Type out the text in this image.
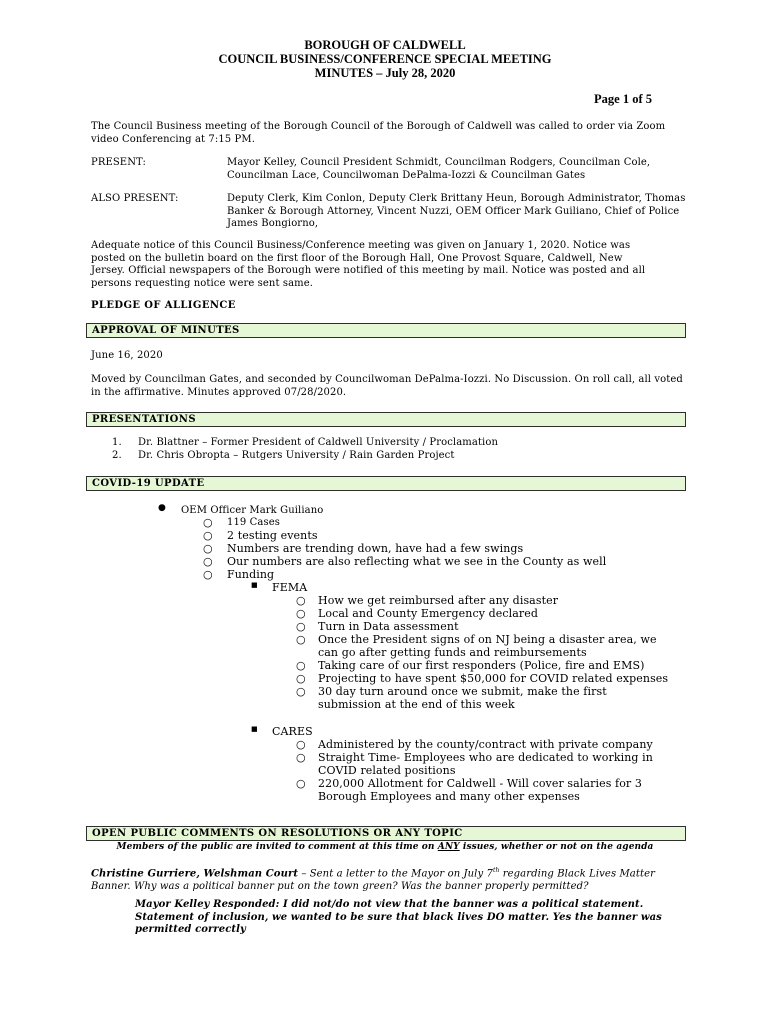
BOROUGH OF CALDWELL
COUNCIL BUSINESS/CONFERENCE SPECIAL MEETING
MINUTES – July 28, 2020
Page 1 of 5
The Council Business meeting of the Borough Council of the Borough of Caldwell was called to order via Zoom video Conferencing at 7:15 PM.
PRESENT:	Mayor Kelley, Council President Schmidt, Councilman Rodgers, Councilman Cole, Councilman Lace, Councilwoman DePalma-Iozzi & Councilman Gates
ALSO PRESENT:	Deputy Clerk, Kim Conlon, Deputy Clerk Brittany Heun, Borough Administrator, Thomas Banker & Borough Attorney, Vincent Nuzzi, OEM Officer Mark Guiliano, Chief of Police James Bongiorno,
Adequate notice of this Council Business/Conference meeting was given on January 1, 2020. Notice was posted on the bulletin board on the first floor of the Borough Hall, One Provost Square, Caldwell, New Jersey. Official newspapers of the Borough were notified of this meeting by mail. Notice was posted and all persons requesting notice were sent same.
PLEDGE OF ALLIGENCE
APPROVAL OF MINUTES
June 16, 2020
Moved by Councilman Gates, and seconded by Councilwoman DePalma-Iozzi. No Discussion. On roll call, all voted in the affirmative. Minutes approved 07/28/2020.
PRESENTATIONS
1. Dr. Blattner – Former President of Caldwell University / Proclamation
2. Dr. Chris Obropta – Rutgers University / Rain Garden Project
COVID-19 UPDATE
● OEM Officer Mark Guiliano
○ 119 Cases
○ 2 testing events
○ Numbers are trending down, have had a few swings
○ Our numbers are also reflecting what we see in the County as well
○ Funding
■ FEMA
○ How we get reimbursed after any disaster
○ Local and County Emergency declared
○ Turn in Data assessment
○ Once the President signs of on NJ being a disaster area, we can go after getting funds and reimbursements
○ Taking care of our first responders (Police, fire and EMS)
○ Projecting to have spent $50,000 for COVID related expenses
○ 30 day turn around once we submit, make the first submission at the end of this week
■ CARES
○ Administered by the county/contract with private company
○ Straight Time- Employees who are dedicated to working in COVID related positions
○ 220,000 Allotment for Caldwell - Will cover salaries for 3 Borough Employees and many other expenses
OPEN PUBLIC COMMENTS ON RESOLUTIONS OR ANY TOPIC
Members of the public are invited to comment at this time on ANY issues, whether or not on the agenda
Christine Gurriere, Welshman Court – Sent a letter to the Mayor on July 7th regarding Black Lives Matter Banner. Why was a political banner put on the town green? Was the banner properly permitted?
Mayor Kelley Responded: I did not/do not view that the banner was a political statement. Statement of inclusion, we wanted to be sure that black lives DO matter. Yes the banner was permitted correctly
